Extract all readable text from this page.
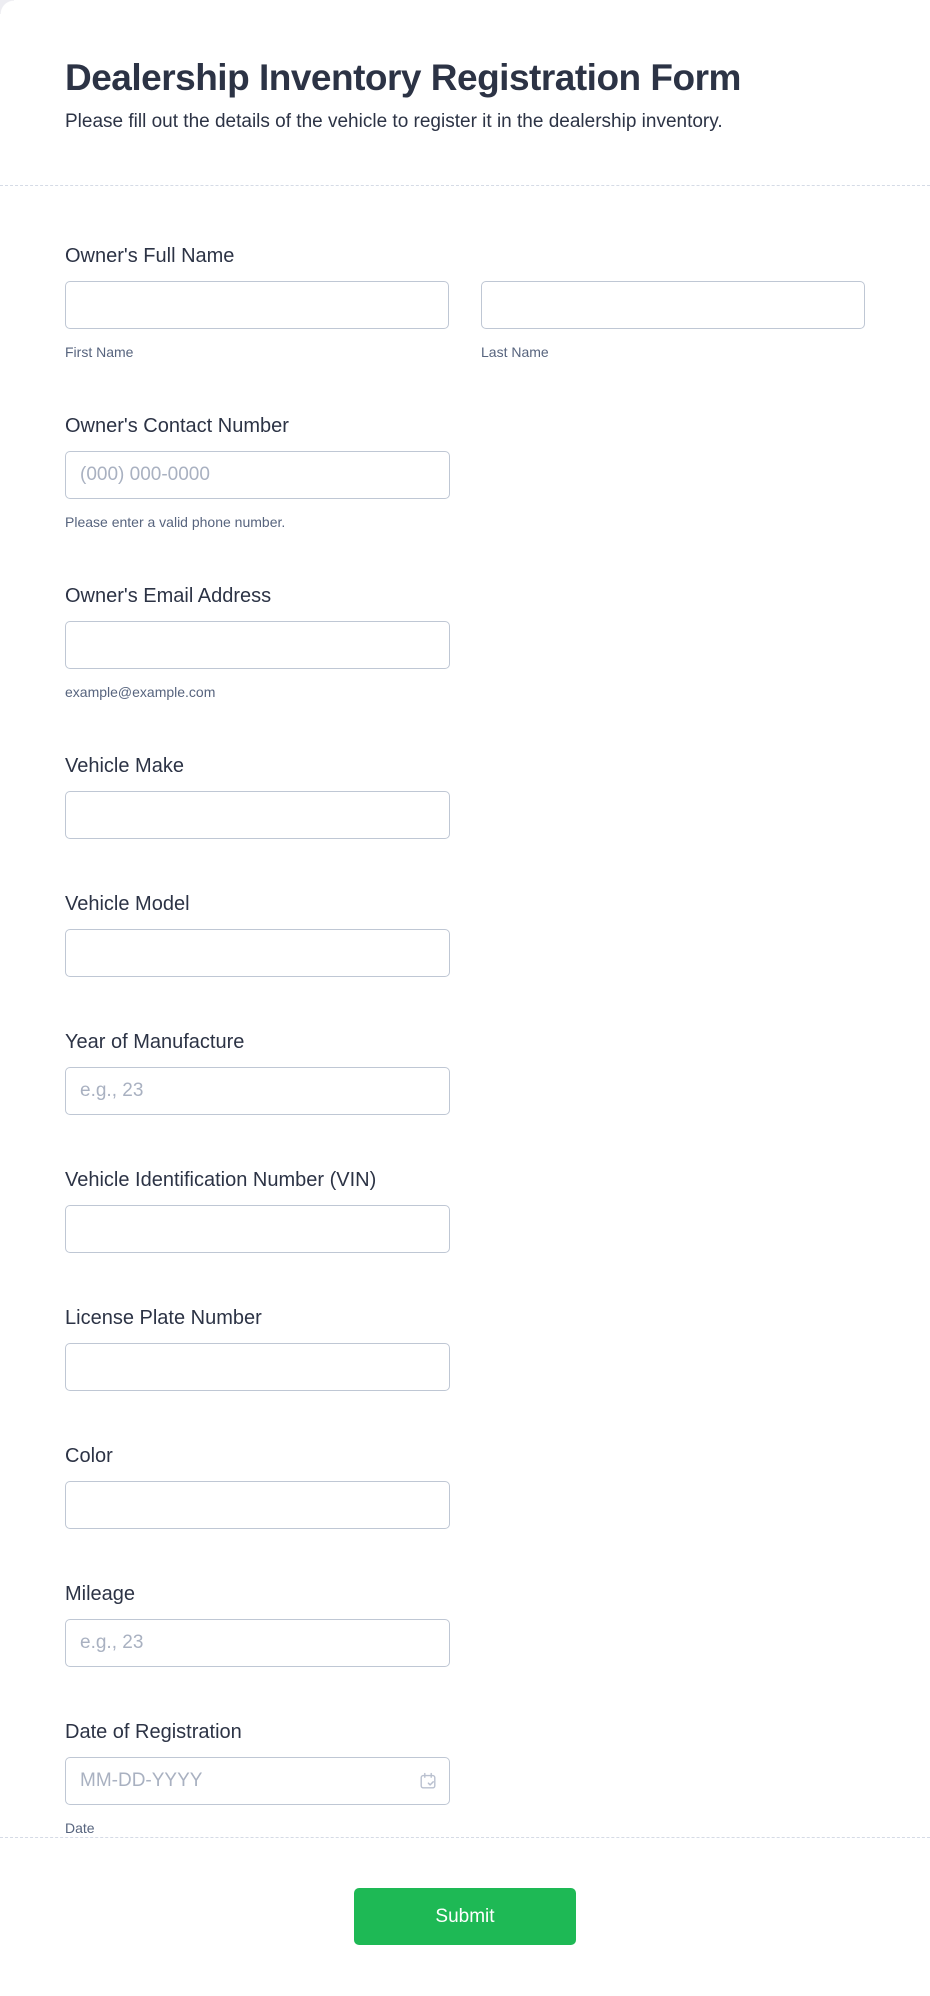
Dealership Inventory Registration Form

Please fill out the details of the vehicle to register it in the dealership inventory.

Owner's Full Name
First Name	Last Name
Owner's Contact Number
(000) 000-0000
Please enter a valid phone number.
Owner's Email Address
example@example.com
Vehicle Make
Vehicle Model
Year of Manufacture
e.g., 23
Vehicle Identification Number (VIN)
License Plate Number
Color
Mileage
e.g., 23
Date of Registration
MM-DD-YYYY
Date
Submit
